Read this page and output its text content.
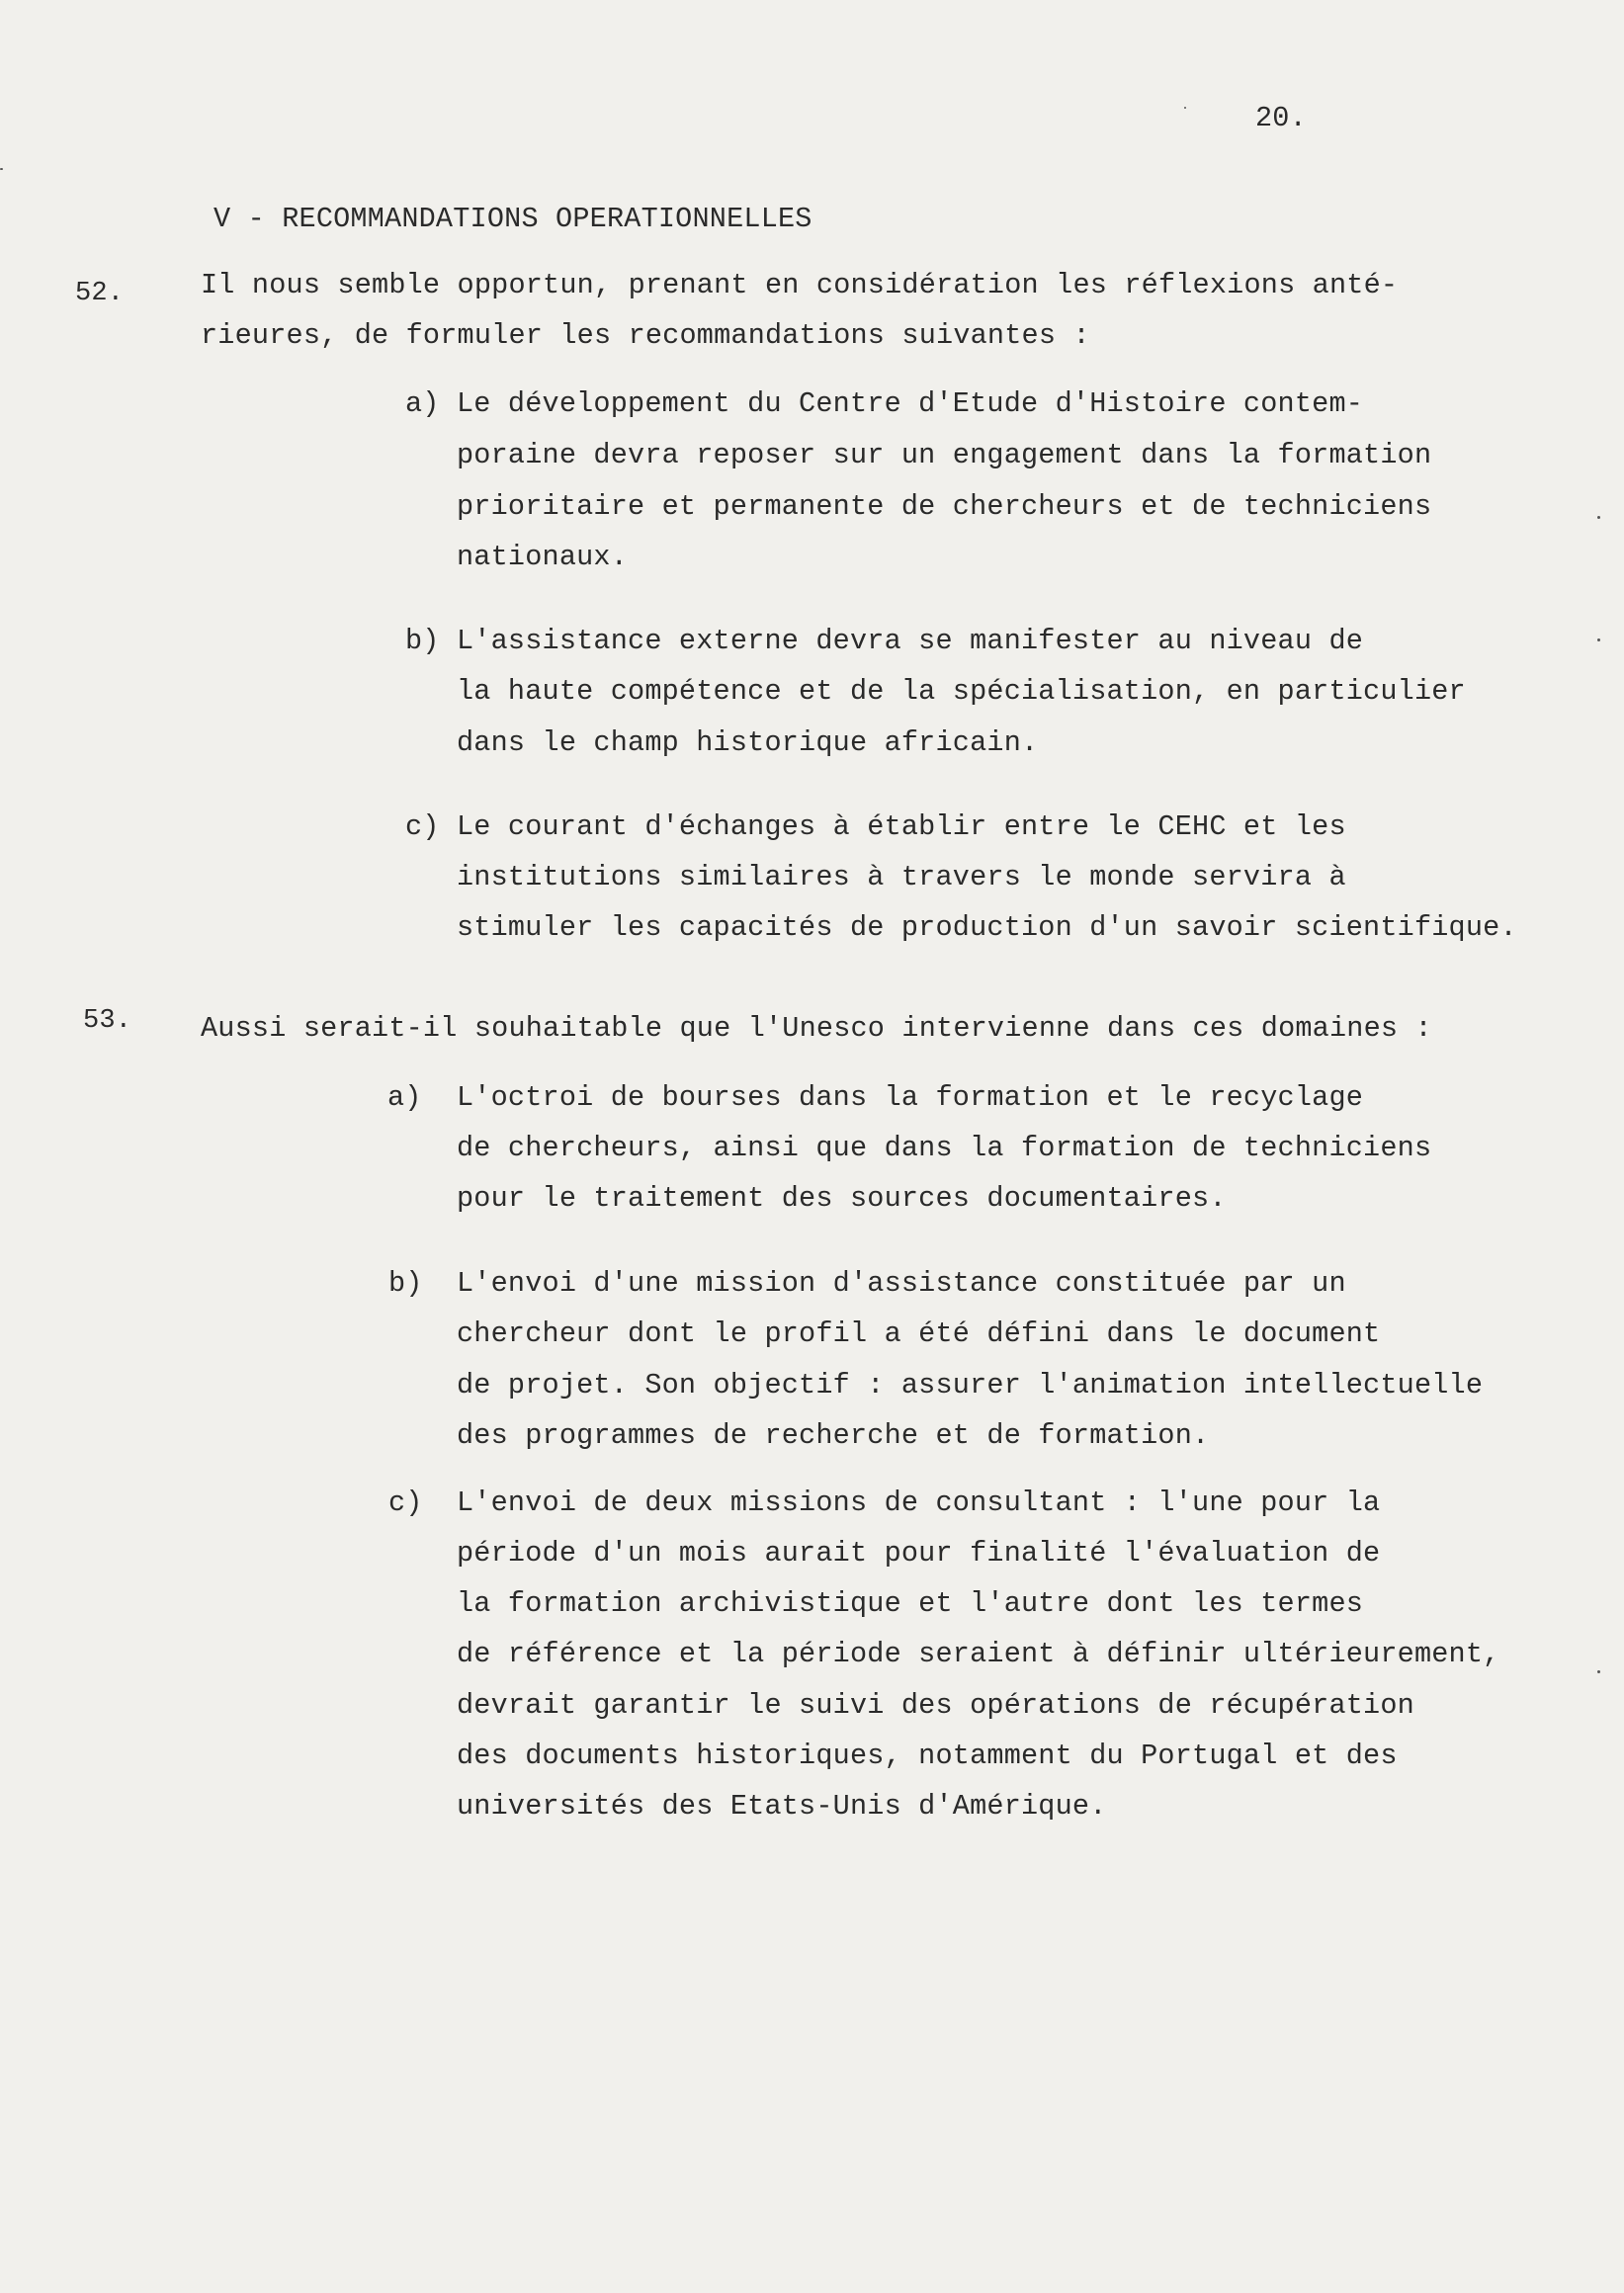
20.
V - RECOMMANDATIONS OPERATIONNELLES
52.	Il nous semble opportun, prenant en considération les réflexions anté-
rieures, de formuler les recommandations suivantes :
a) Le développement du Centre d'Etude d'Histoire contem-
poraine devra reposer sur un engagement dans la formation
prioritaire et permanente de chercheurs et de techniciens
nationaux.
b) L'assistance externe devra se manifester au niveau de
la haute compétence et de la spécialisation, en particulier
dans le champ historique africain.
c) Le courant d'échanges à établir entre le CEHC et les
institutions similaires à travers le monde servira à
stimuler les capacités de production d'un savoir scientifique.
53. Aussi serait-il souhaitable que l'Unesco intervienne dans ces domaines :
a) L'octroi de bourses dans la formation et le recyclage
de chercheurs, ainsi que dans la formation de techniciens
pour le traitement des sources documentaires.
b) L'envoi d'une mission d'assistance constituée par un
chercheur dont le profil a été défini dans le document
de projet. Son objectif : assurer l'animation intellectuelle
des programmes de recherche et de formation.
c) L'envoi de deux missions de consultant : l'une pour la
période d'un mois aurait pour finalité l'évaluation de
la formation archivistique et l'autre dont les termes
de référence et la période seraient à définir ultérieurement,
devrait garantir le suivi des opérations de récupération
des documents historiques, notamment du Portugal et des
universités des Etats-Unis d'Amérique.
